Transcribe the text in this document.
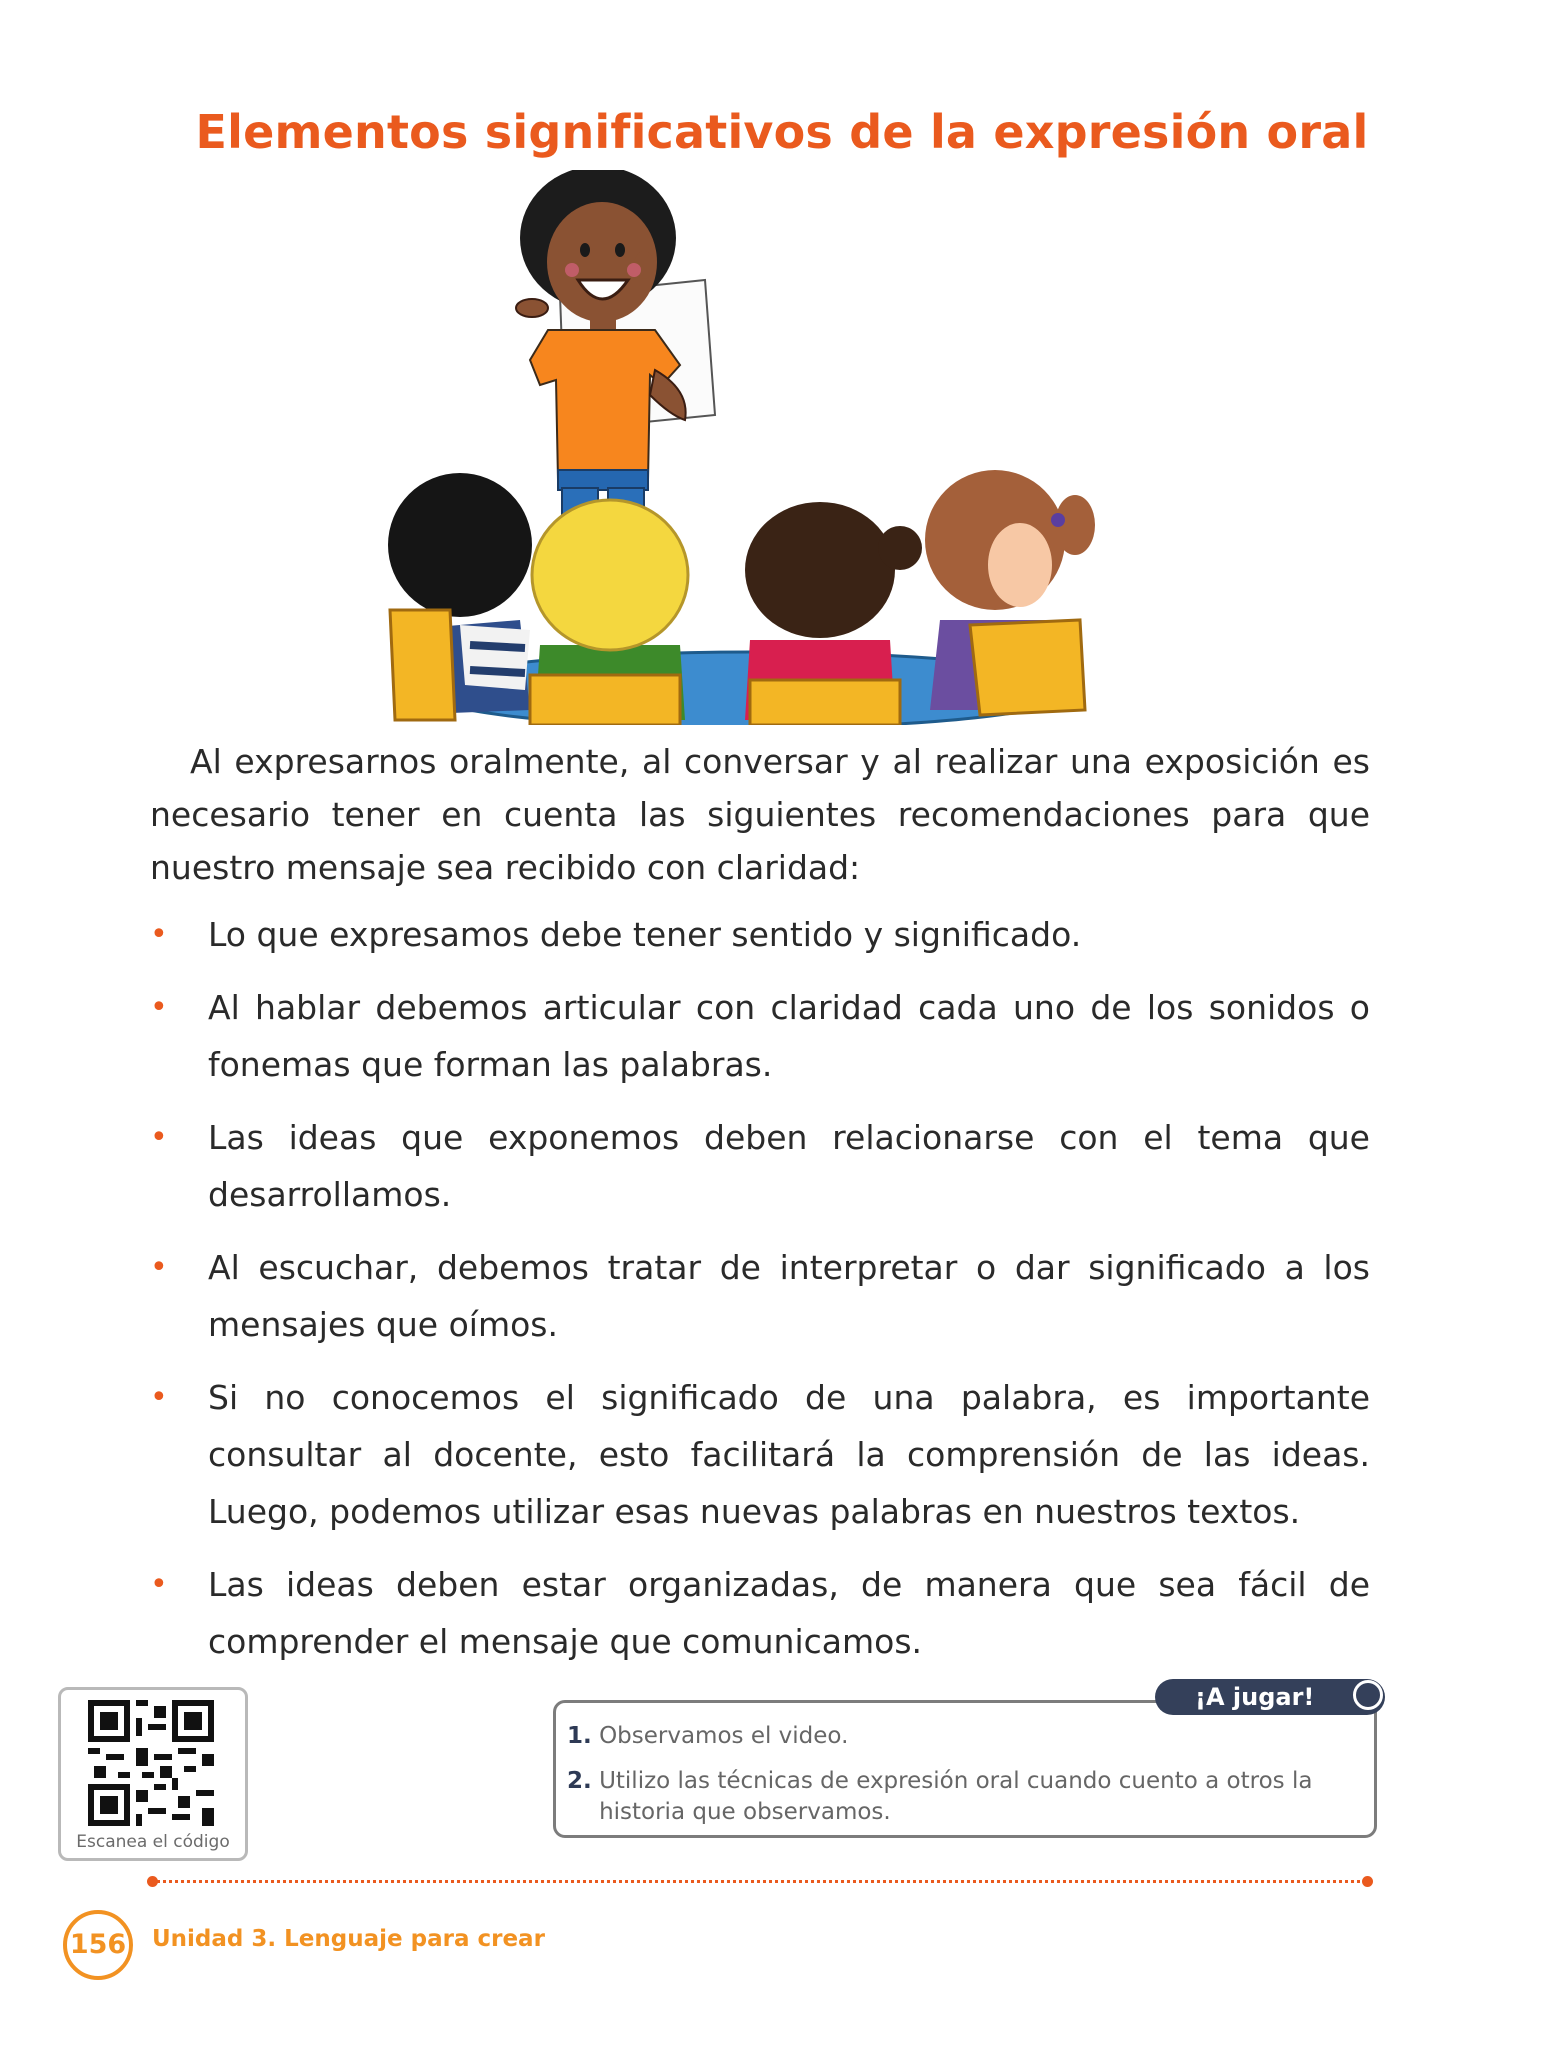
Elementos significativos de la expresión oral

Al expresarnos oralmente, al conversar y al realizar una exposición es necesario tener en cuenta las siguientes recomendaciones para que nuestro mensaje sea recibido con claridad:

• Lo que expresamos debe tener sentido y significado.
• Al hablar debemos articular con claridad cada uno de los sonidos o fonemas que forman las palabras.
• Las ideas que exponemos deben relacionarse con el tema que desarrollamos.
• Al escuchar, debemos tratar de interpretar o dar significado a los mensajes que oímos.
• Si no conocemos el significado de una palabra, es importante consultar al docente, esto facilitará la comprensión de las ideas. Luego, podemos utilizar esas nuevas palabras en nuestros textos.
• Las ideas deben estar organizadas, de manera que sea fácil de comprender el mensaje que comunicamos.
Escanea el código
¡A jugar!
1. Observamos el video.
2. Utilizo las técnicas de expresión oral cuando cuento a otros la historia que observamos.
156 Unidad 3. Lenguaje para crear
